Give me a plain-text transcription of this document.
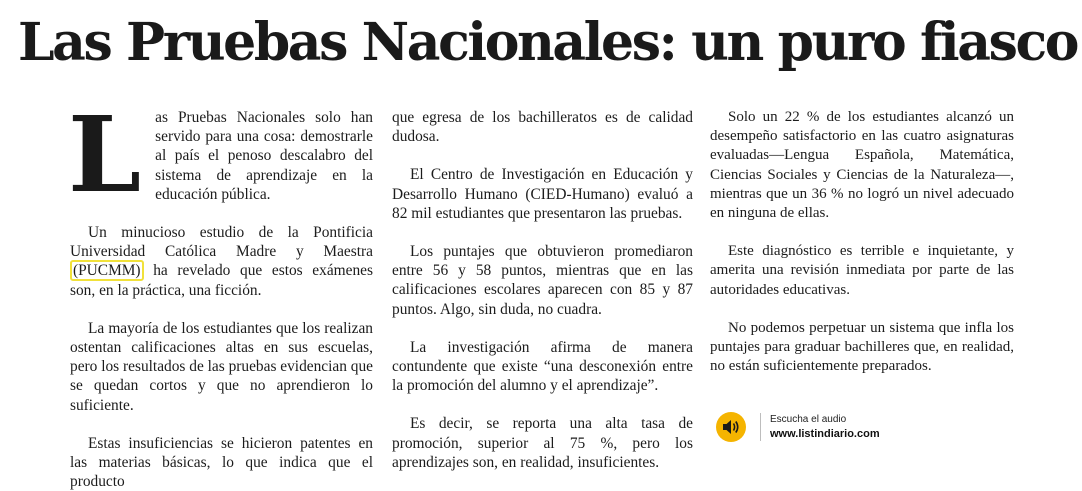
Las Pruebas Nacionales: un puro fiasco

Las Pruebas Nacionales solo han servido para una cosa: demostrarle al país el penoso descalabro del sistema de aprendizaje en la educación pública.

Un minucioso estudio de la Pontificia Universidad Católica Madre y Maestra (PUCMM) ha revelado que estos exámenes son, en la práctica, una ficción.

La mayoría de los estudiantes que los realizan ostentan calificaciones altas en sus escuelas, pero los resultados de las pruebas evidencian que se quedan cortos y que no aprendieron lo suficiente.

Estas insuficiencias se hicieron patentes en las materias básicas, lo que indica que el producto

que egresa de los bachilleratos es de calidad dudosa.

El Centro de Investigación en Educación y Desarrollo Humano (CIED-Humano) evaluó a 82 mil estudiantes que presentaron las pruebas.

Los puntajes que obtuvieron promediaron entre 56 y 58 puntos, mientras que en las calificaciones escolares aparecen con 85 y 87 puntos. Algo, sin duda, no cuadra.

La investigación afirma de manera contundente que existe “una desconexión entre la promoción del alumno y el aprendizaje”.

Es decir, se reporta una alta tasa de promoción, superior al 75 %, pero los aprendizajes son, en realidad, insuficientes.

Solo un 22 % de los estudiantes alcanzó un desempeño satisfactorio en las cuatro asignaturas evaluadas—Lengua Española, Matemática, Ciencias Sociales y Ciencias de la Naturaleza—, mientras que un 36 % no logró un nivel adecuado en ninguna de ellas.

Este diagnóstico es terrible e inquietante, y amerita una revisión inmediata por parte de las autoridades educativas.

No podemos perpetuar un sistema que infla los puntajes para graduar bachilleres que, en realidad, no están suficientemente preparados.

Escucha el audio
www.listindiario.com
